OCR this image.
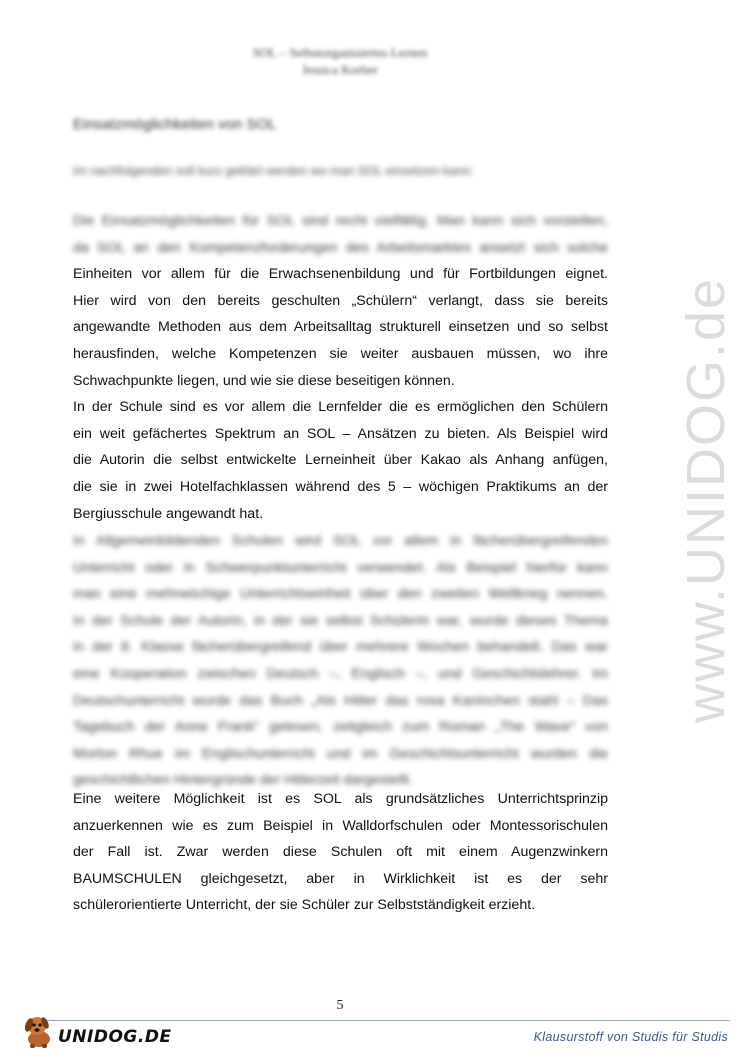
SOL – Selbstorganisiertes Lernen
Jessica Korber
Einsatzmöglichkeiten von SOL
Im nachfolgenden soll kurz geklärt werden wo man SOL einsetzen kann:
Die Einsatzmöglichkeiten für SOL sind recht vielfältig. Man kann sich vorstellen,
da SOL an den Kompetenzforderungen des Arbeitsmarktes ansetzt sich solche
Einheiten vor allem für die Erwachsenenbildung und für Fortbildungen eignet.
Hier wird von den bereits geschulten „Schülern“ verlangt, dass sie bereits
angewandte Methoden aus dem Arbeitsalltag strukturell einsetzen und so selbst
herausfinden, welche Kompetenzen sie weiter ausbauen müssen, wo ihre
Schwachpunkte liegen, und wie sie diese beseitigen können.
In der Schule sind es vor allem die Lernfelder die es ermöglichen den Schülern
ein weit gefächertes Spektrum an SOL – Ansätzen zu bieten. Als Beispiel wird
die Autorin die selbst entwickelte Lerneinheit über Kakao als Anhang anfügen,
die sie in zwei Hotelfachklassen während des 5 – wöchigen Praktikums an der
Bergiusschule angewandt hat.
In Allgemeinbildenden Schulen wird SOL vor allem in fächerübergreifenden
Unterricht oder in Schwerpunktunterricht verwendet. Als Beispiel hierfür kann
man eine mehrwöchige Unterrichtseinheit über den zweiten Weltkrieg nennen.
In der Schule der Autorin, in der sie selbst Schülerin war, wurde dieses Thema
in der 8. Klasse fächerübergreifend über mehrere Wochen behandelt. Das war
eine Kooperation zwischen Deutsch –, Englisch –, und Geschichtslehrer. Im
Deutschunterricht wurde das Buch „Als Hitler das rosa Kaninchen stahl – Das
Tagebuch der Anne Frank“ gelesen, zeitgleich zum Roman „The Wave“ von
Morton Rhue im Englischunterricht und im Geschichtsunterricht wurden die
geschichtlichen Hintergründe der Hitlerzeit dargestellt.
Eine weitere Möglichkeit ist es SOL als grundsätzliches Unterrichtsprinzip
anzuerkennen wie es zum Beispiel in Walldorfschulen oder Montessorischulen
der Fall ist. Zwar werden diese Schulen oft mit einem Augenzwinkern
BAUMSCHULEN gleichgesetzt, aber in Wirklichkeit ist es der sehr
schülerorientierte Unterricht, der sie Schüler zur Selbstständigkeit erzieht.
www.UNIDOG.de
5
UNIDOG.DE	Klausurstoff von Studis für Studis
